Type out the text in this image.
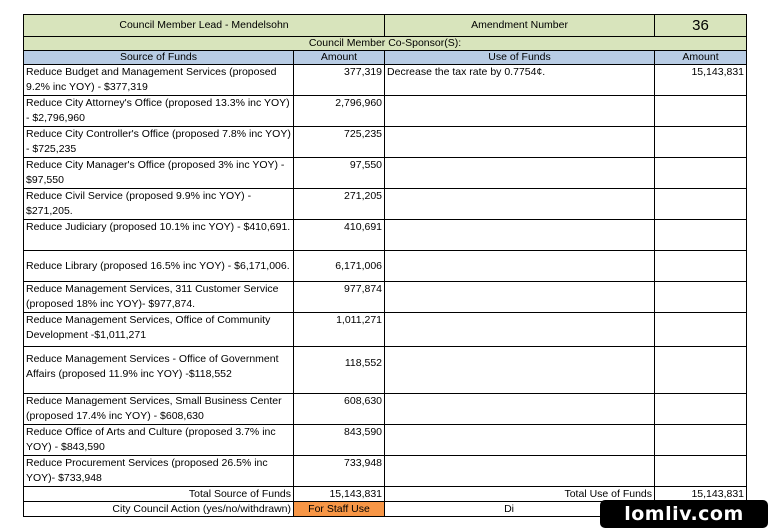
Council Member Lead - Mendelsohn		Amendment Number	36
Council Member Co-Sponsor(S):			
Source of Funds	Amount	Use of Funds	Amount
Reduce Budget and Management Services (proposed 9.2% inc YOY) - $377,319	377,319	Decrease the tax rate by 0.7754¢.	15,143,831
Reduce City Attorney's Office (proposed 13.3% inc YOY) - $2,796,960	2,796,960		
Reduce City Controller's Office (proposed 7.8% inc YOY) - $725,235	725,235		
Reduce City Manager's Office (proposed 3% inc YOY) - $97,550	97,550		
Reduce Civil Service (proposed 9.9% inc YOY) - $271,205.	271,205		
Reduce Judiciary (proposed 10.1% inc YOY) - $410,691.	410,691		
Reduce Library (proposed 16.5% inc YOY) - $6,171,006.	6,171,006		
Reduce Management Services, 311 Customer Service (proposed 18% inc YOY)- $977,874.	977,874		
Reduce Management Services, Office of Community Development -$1,011,271	1,011,271		
Reduce Management Services - Office of Government Affairs (proposed 11.9% inc YOY) -$118,552	118,552		
Reduce Management Services, Small Business Center (proposed 17.4% inc YOY) - $608,630	608,630		
Reduce Office of Arts and Culture (proposed 3.7% inc YOY) - $843,590	843,590		
Reduce Procurement Services (proposed 26.5% inc YOY)- $733,948	733,948		
Total Source of Funds	15,143,831	Total Use of Funds	15,143,831
City Council Action (yes/no/withdrawn)	For Staff Use	Di		lomliv.com
